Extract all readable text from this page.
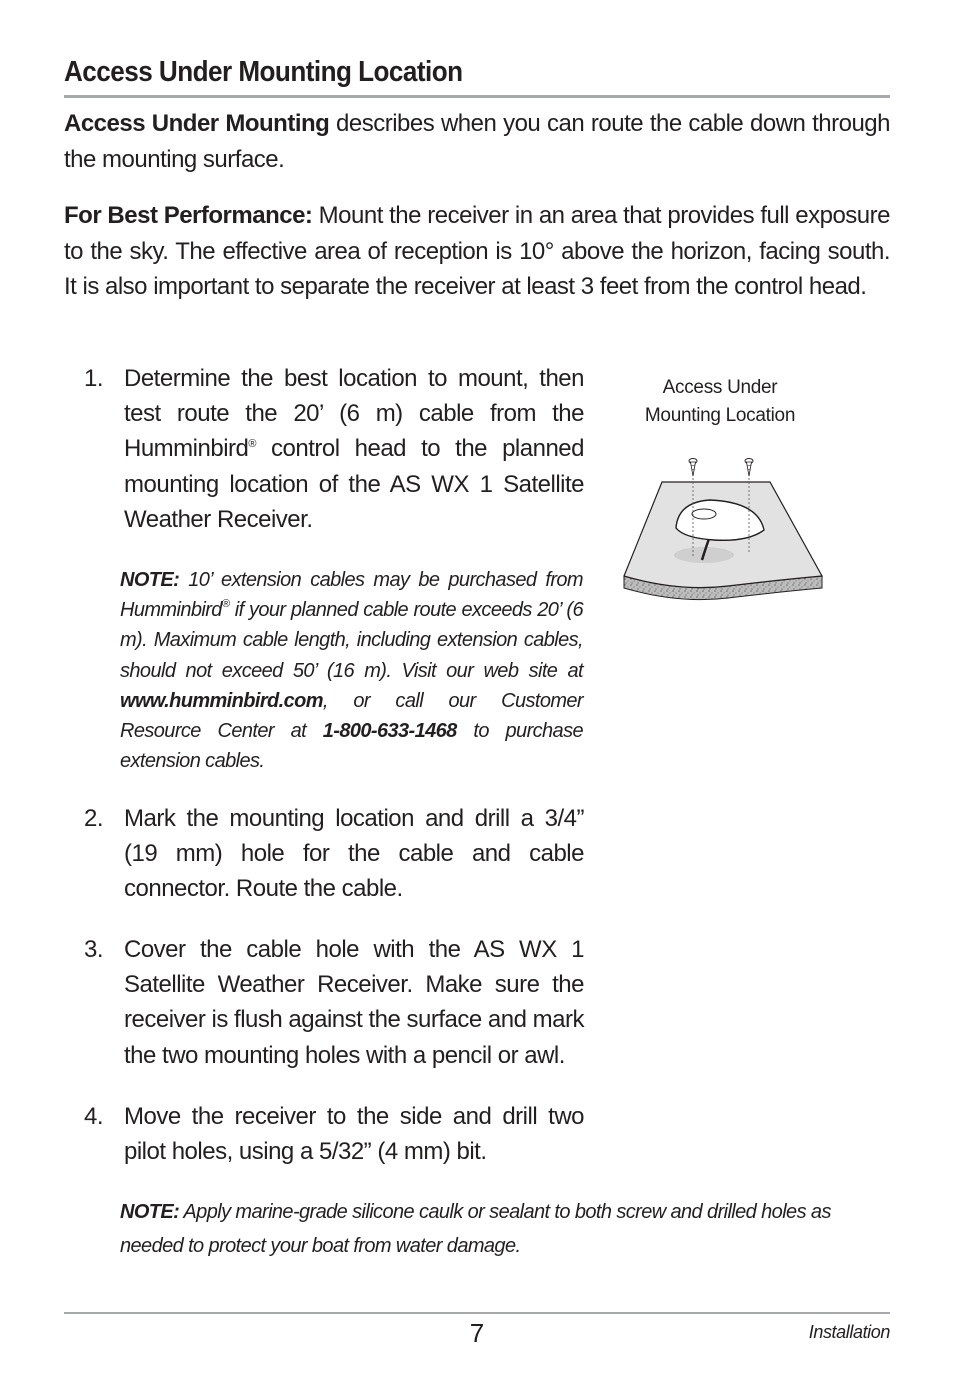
Access Under Mounting Location

Access Under Mounting describes when you can route the cable down through the mounting surface.

For Best Performance: Mount the receiver in an area that provides full exposure to the sky. The effective area of reception is 10° above the horizon, facing south. It is also important to separate the receiver at least 3 feet from the control head.

1. Determine the best location to mount, then test route the 20’ (6 m) cable from the Humminbird® control head to the planned mounting location of the AS WX 1 Satellite Weather Receiver.
2. Mark the mounting location and drill a 3/4” (19 mm) hole for the cable and cable connector. Route the cable.
3. Cover the cable hole with the AS WX 1 Satellite Weather Receiver. Make sure the receiver is flush against the surface and mark the two mounting holes with a pencil or awl.
4. Move the receiver to the side and drill two pilot holes, using a 5/32” (4 mm) bit.
NOTE: 10’ extension cables may be purchased from Humminbird® if your planned cable route exceeds 20’ (6 m). Maximum cable length, including extension cables, should not exceed 50’ (16 m). Visit our web site at www.humminbird.com, or call our Customer Resource Center at 1-800-633-1468 to purchase extension cables.
NOTE: Apply marine-grade silicone caulk or sealant to both screw and drilled holes as needed to protect your boat from water damage.
Access Under
Mounting Location
7	Installation
